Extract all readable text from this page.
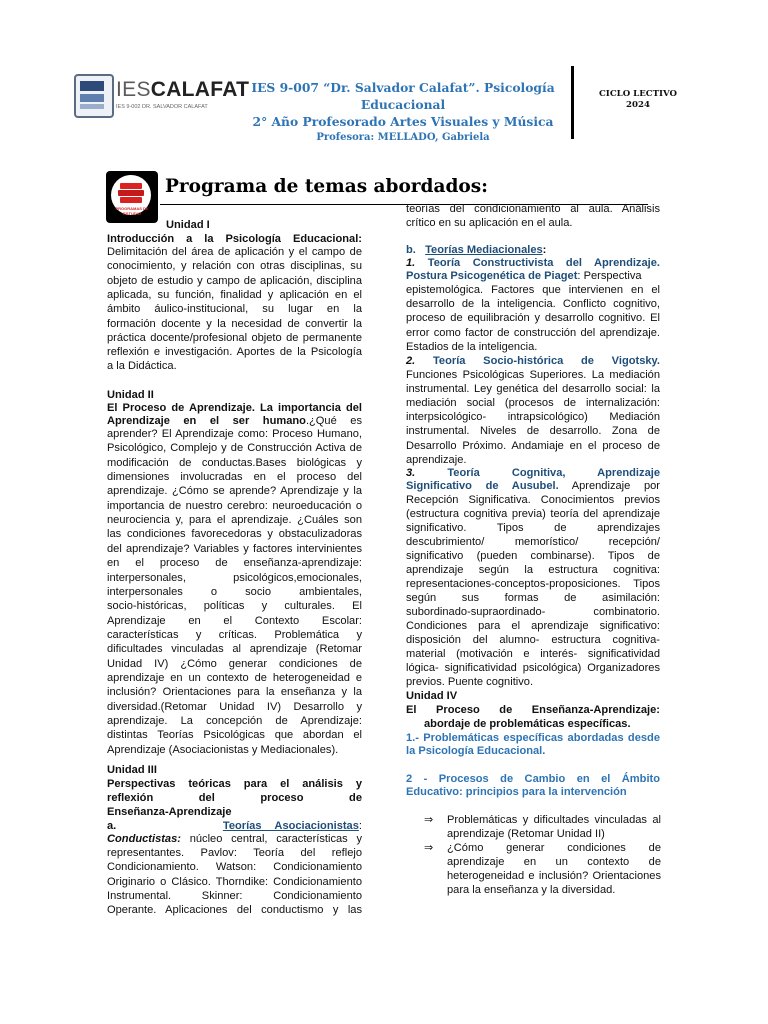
IESCALAFAT
IES 9-002 DR. SALVADOR CALAFAT
IES 9-007 “Dr. Salvador Calafat”. Psicología Educacional
2° Año Profesorado Artes Visuales y Música
Profesora: MELLADO, Gabriela
CICLO LECTIVO
2024
PROGRAMAS DE ESTUDIO
Programa de temas abordados:
Unidad I
Introducción a la Psicología Educacional:
Delimitación del área de aplicación y el campo de
conocimiento, y relación con otras disciplinas, su
objeto de estudio y campo de aplicación, disciplina
aplicada, su función, finalidad y aplicación en el
ámbito áulico-institucional, su lugar en la
formación docente y la necesidad de convertir la
práctica docente/profesional objeto de permanente
reflexión e investigación. Aportes de la Psicología
a la Didáctica.
Unidad II
El Proceso de Aprendizaje. La importancia del
Aprendizaje en el ser humano.¿Qué es
aprender? El Aprendizaje como: Proceso Humano,
Psicológico, Complejo y de Construcción Activa de
modificación de conductas.Bases biológicas y
dimensiones involucradas en el proceso del
aprendizaje. ¿Cómo se aprende? Aprendizaje y la
importancia de nuestro cerebro: neuroeducación o
neurociencia y, para el aprendizaje. ¿Cuáles son
las condiciones favorecedoras y obstaculizadoras
del aprendizaje? Variables y factores intervinientes
en el proceso de enseñanza-aprendizaje:
interpersonales, psicológicos,emocionales,
interpersonales o socio ambientales,
socio-históricas, políticas y culturales. El
Aprendizaje en el Contexto Escolar:
características y críticas. Problemática y
dificultades vinculadas al aprendizaje (Retomar
Unidad IV) ¿Cómo generar condiciones de
aprendizaje en un contexto de heterogeneidad e
inclusión? Orientaciones para la enseñanza y la
diversidad.(Retomar Unidad IV) Desarrollo y
aprendizaje. La concepción de Aprendizaje:
distintas Teorías Psicológicas que abordan el
Aprendizaje (Asociacionistas y Mediacionales).
Unidad III
Perspectivas teóricas para el análisis y
reflexión del proceso de
Enseñanza-Aprendizaje
a.	Teorías Asociacionistas:
Conductistas: núcleo central, características y
representantes. Pavlov: Teoría del reflejo
Condicionamiento. Watson: Condicionamiento
Originario o Clásico. Thorndike: Condicionamiento
Instrumental. Skinner: Condicionamiento
Operante. Aplicaciones del conductismo y las
teorías del condicionamiento al aula. Análisis
crítico en su aplicación en el aula.
b. Teorías Mediacionales:
1. Teoría Constructivista del Aprendizaje.
Postura Psicogenética de Piaget: Perspectiva
epistemológica. Factores que intervienen en el
desarrollo de la inteligencia. Conflicto cognitivo,
proceso de equilibración y desarrollo cognitivo. El
error como factor de construcción del aprendizaje.
Estadios de la inteligencia.
2. Teoría Socio-histórica de Vigotsky.
Funciones Psicológicas Superiores. La mediación
instrumental. Ley genética del desarrollo social: la
mediación social (procesos de internalización:
interpsicológico- intrapsicológico) Mediación
instrumental. Niveles de desarrollo. Zona de
Desarrollo Próximo. Andamiaje en el proceso de
aprendizaje.
3.	Teoría Cognitiva, Aprendizaje
Significativo de Ausubel. Aprendizaje por
Recepción Significativa. Conocimientos previos
(estructura cognitiva previa) teoría del aprendizaje
significativo. Tipos de aprendizajes
descubrimiento/ memorístico/ recepción/
significativo (pueden combinarse). Tipos de
aprendizaje según la estructura cognitiva:
representaciones-conceptos-proposiciones. Tipos
según sus formas de asimilación:
subordinado-supraordinado- combinatorio.
Condiciones para el aprendizaje significativo:
disposición del alumno- estructura cognitiva-
material (motivación e interés- significatividad
lógica- significatividad psicológica) Organizadores
previos. Puente cognitivo.
Unidad IV
El Proceso de Enseñanza-Aprendizaje:
abordaje de problemáticas específicas.
1.- Problemáticas específicas abordadas desde
la Psicología Educacional.
2 - Procesos de Cambio en el Ámbito
Educativo: principios para la intervención
⇒ Problemáticas y dificultades vinculadas al
aprendizaje (Retomar Unidad II)
⇒ ¿Cómo generar condiciones de
aprendizaje en un contexto de
heterogeneidad e inclusión? Orientaciones
para la enseñanza y la diversidad.
